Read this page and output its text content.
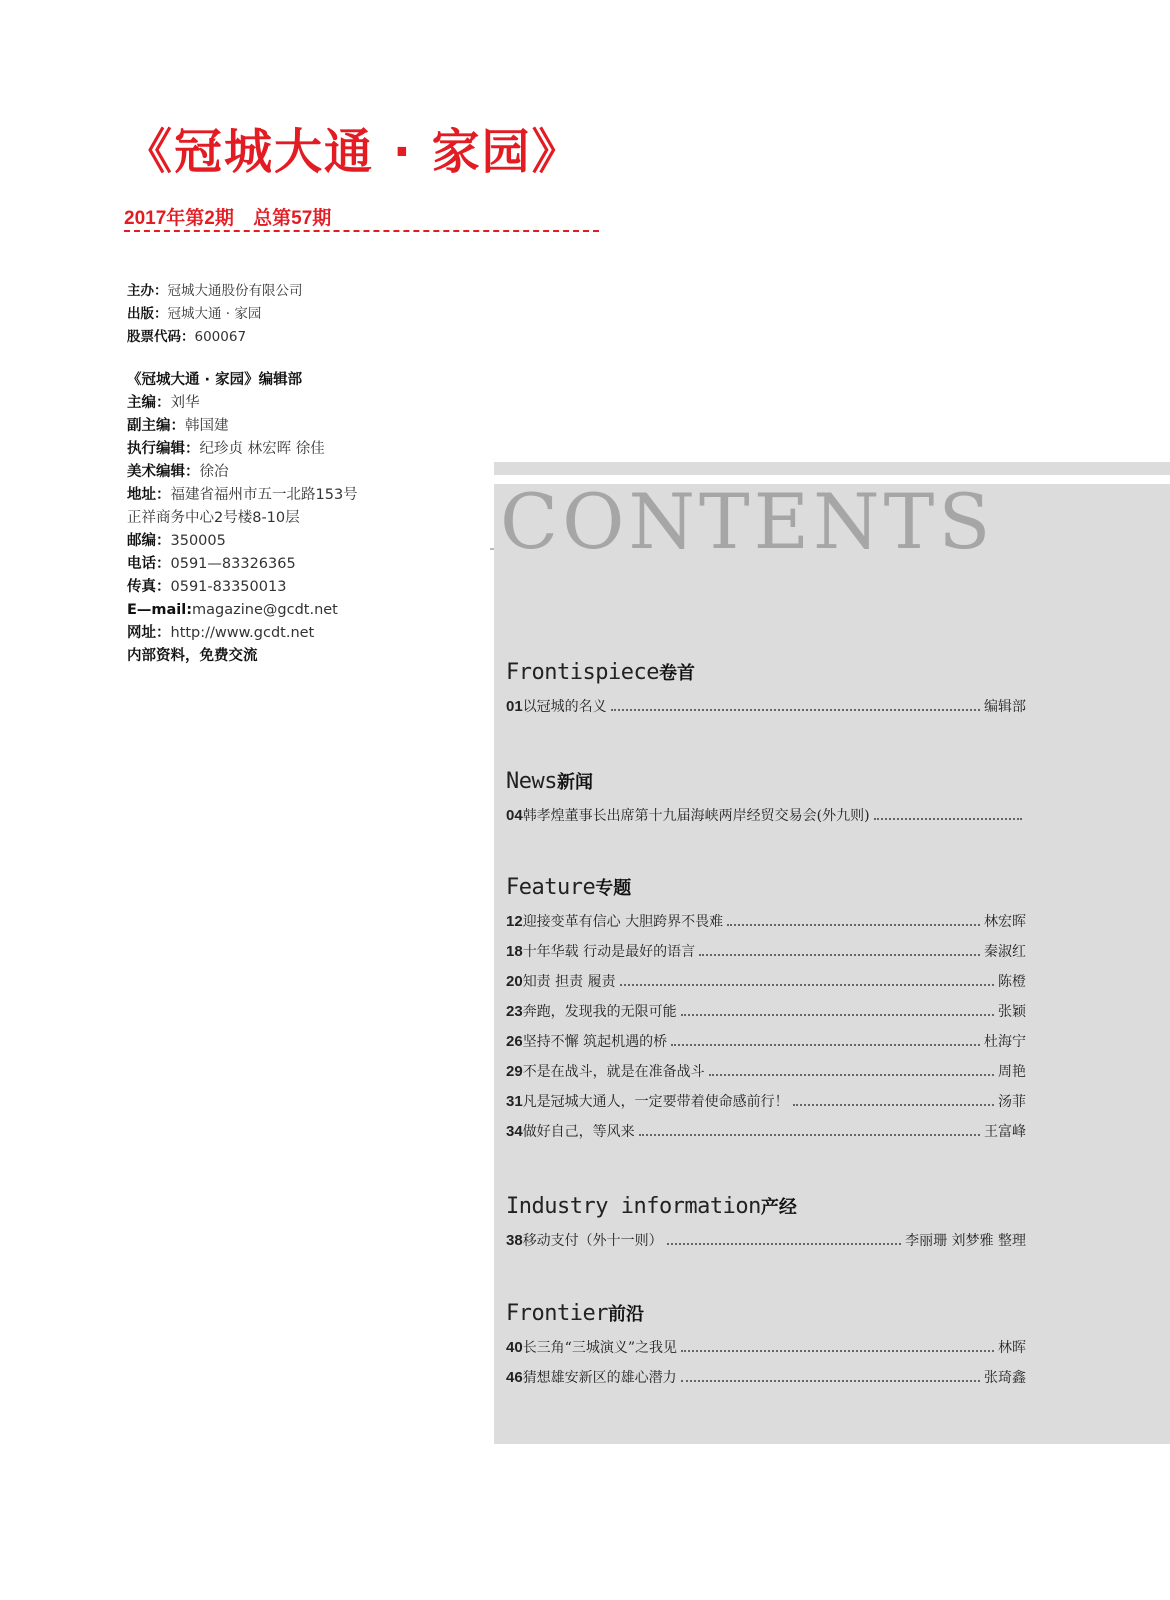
《冠城大通 · 家园》
2017年第2期 总第57期
主办：冠城大通股份有限公司
出版：冠城大通 · 家园
股票代码：600067
《冠城大通 · 家园》编辑部
主编：刘华
副主编：韩国建
执行编辑：纪珍贞 林宏晖 徐佳
美术编辑：徐冶
地址：福建省福州市五一北路153号
正祥商务中心2号楼8-10层
邮编：350005
电话：0591—83326365
传真：0591-83350013
E—mail:magazine@gcdt.net
网址：http://www.gcdt.net
内部资料，免费交流
CONTENTS
Frontispiece卷首
01 以冠城的名义	编辑部
News新闻
04 韩孝煌董事长出席第十九届海峡两岸经贸交易会(外九则)
Feature专题
12 迎接变革有信心 大胆跨界不畏难	林宏晖
18 十年华载 行动是最好的语言	秦淑红
20 知责 担责 履责	陈橙
23 奔跑，发现我的无限可能	张颖
26 坚持不懈 筑起机遇的桥	杜海宁
29 不是在战斗，就是在准备战斗	周艳
31 凡是冠城大通人，一定要带着使命感前行！	汤菲
34 做好自己，等风来	王富峰
Industry information产经
38 移动支付（外十一则）	李丽珊 刘梦雅 整理
Frontier前沿
40 长三角“三城演义”之我见	林晖
46 猜想雄安新区的雄心潜力	张琦鑫
